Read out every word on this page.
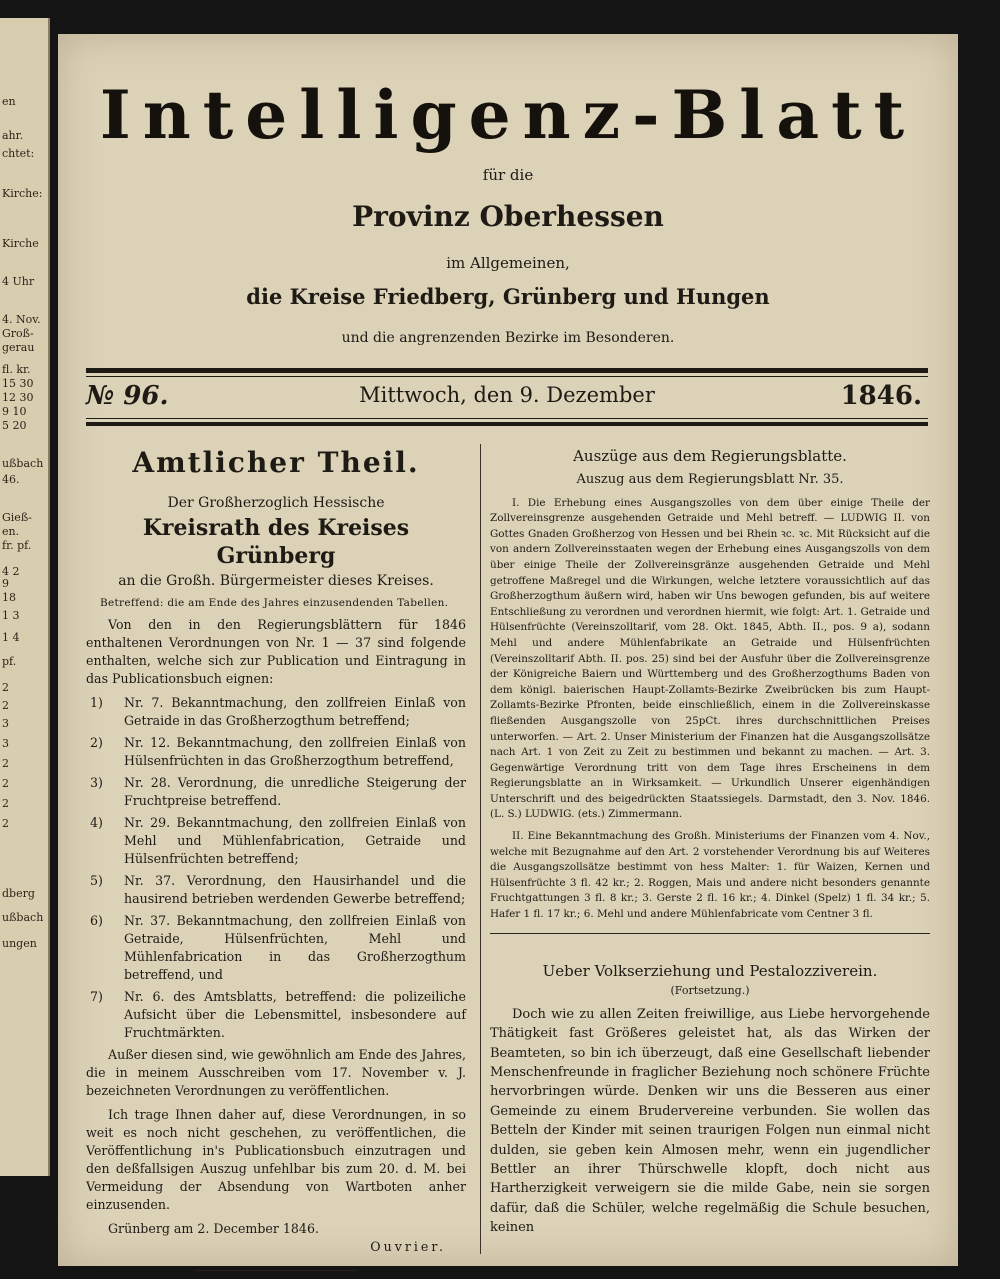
en
ahr.
chtet:
Kirche:
Kirche
4 Uhr
4. Nov.
Groß-
gerau
fl. kr.
15 30
12 30
9 10
5 20
ußbach
46.
Gieß-
en.
fr. pf.
4 2
9
18
1 3
1 4
pf.
2
2
3
3
2
2
2
2
dberg
ußbach
ungen
Intelligenz-Blatt
für die
Provinz Oberhessen
im Allgemeinen,
die Kreise Friedberg, Grünberg und Hungen
und die angrenzenden Bezirke im Besonderen.
№ 96.	Mittwoch, den 9. Dezember	1846.
Amtlicher Theil.
Der Großherzoglich Hessische
Kreisrath des Kreises Grünberg
an die Großh. Bürgermeister dieses Kreises.
Betreffend: die am Ende des Jahres einzusendenden Tabellen.

Von den in den Regierungsblättern für 1846 enthaltenen Verordnungen von Nr. 1 — 37 sind folgende enthalten, welche sich zur Publication und Eintragung in das Publicationsbuch eignen:

1) Nr. 7. Bekanntmachung, den zollfreien Einlaß von Getraide in das Großherzogthum betreffend;
2) Nr. 12. Bekanntmachung, den zollfreien Einlaß von Hülsenfrüchten in das Großherzogthum betreffend,
3) Nr. 28. Verordnung, die unredliche Steigerung der Fruchtpreise betreffend.
4) Nr. 29. Bekanntmachung, den zollfreien Einlaß von Mehl und Mühlenfabrication, Getraide und Hülsenfrüchten betreffend;
5) Nr. 37. Verordnung, den Hausirhandel und die hausirend betrieben werdenden Gewerbe betreffend;
6) Nr. 37. Bekanntmachung, den zollfreien Einlaß von Getraide, Hülsenfrüchten, Mehl und Mühlenfabrication in das Großherzogthum betreffend, und
7) Nr. 6. des Amtsblatts, betreffend: die polizeiliche Aufsicht über die Lebensmittel, insbesondere auf Fruchtmärkten.

Außer diesen sind, wie gewöhnlich am Ende des Jahres, die in meinem Ausschreiben vom 17. November v. J. bezeichneten Verordnungen zu veröffentlichen.

Ich trage Ihnen daher auf, diese Verordnungen, in so weit es noch nicht geschehen, zu veröffentlichen, die Veröffentlichung in's Publicationsbuch einzutragen und den deßfallsigen Auszug unfehlbar bis zum 20. d. M. bei Vermeidung der Absendung von Wartboten anher einzusenden.

Grünberg am 2. December 1846.
Ouvrier.
Auszüge aus dem Regierungsblatte.
Auszug aus dem Regierungsblatt Nr. 35.

I. Die Erhebung eines Ausgangszolles von dem über einige Theile der Zollvereinsgrenze ausgehenden Getraide und Mehl betreff. — LUDWIG II. von Gottes Gnaden Großherzog von Hessen und bei Rhein ꝛc. ꝛc. Mit Rücksicht auf die von andern Zollvereinsstaaten wegen der Erhebung eines Ausgangszolls von dem über einige Theile der Zollvereinsgränze ausgehenden Getraide und Mehl getroffene Maßregel und die Wirkungen, welche letztere voraussichtlich auf das Großherzogthum äußern wird, haben wir Uns bewogen gefunden, bis auf weitere Entschließung zu verordnen und verordnen hiermit, wie folgt: Art. 1. Getraide und Hülsenfrüchte (Vereinszolltarif, vom 28. Okt. 1845, Abth. II., pos. 9 a), sodann Mehl und andere Mühlenfabrikate an Getraide und Hülsenfrüchten (Vereinszolltarif Abth. II. pos. 25) sind bei der Ausfuhr über die Zollvereinsgrenze der Königreiche Baiern und Württemberg und des Großherzogthums Baden von dem königl. baierischen Haupt-Zollamts-Bezirke Zweibrücken bis zum Haupt-Zollamts-Bezirke Pfronten, beide einschließlich, einem in die Zollvereinskasse fließenden Ausgangszolle von 25pCt. ihres durchschnittlichen Preises unterworfen. — Art. 2. Unser Ministerium der Finanzen hat die Ausgangszollsätze nach Art. 1 von Zeit zu Zeit zu bestimmen und bekannt zu machen. — Art. 3. Gegenwärtige Verordnung tritt von dem Tage ihres Erscheinens in dem Regierungsblatte an in Wirksamkeit. — Urkundlich Unserer eigenhändigen Unterschrift und des beigedrückten Staatssiegels. Darmstadt, den 3. Nov. 1846. (L. S.) LUDWIG. (ets.) Zimmermann.

II. Eine Bekanntmachung des Großh. Ministeriums der Finanzen vom 4. Nov., welche mit Bezugnahme auf den Art. 2 vorstehender Verordnung bis auf Weiteres die Ausgangszollsätze bestimmt von hess Malter: 1. für Waizen, Kernen und Hülsenfrüchte 3 fl. 42 kr.; 2. Roggen, Mais und andere nicht besonders genannte Fruchtgattungen 3 fl. 8 kr.; 3. Gerste 2 fl. 16 kr.; 4. Dinkel (Spelz) 1 fl. 34 kr.; 5. Hafer 1 fl. 17 kr.; 6. Mehl und andere Mühlenfabricate vom Centner 3 fl.

Ueber Volkserziehung und Pestalozziverein.
(Fortsetzung.)

Doch wie zu allen Zeiten freiwillige, aus Liebe hervorgehende Thätigkeit fast Größeres geleistet hat, als das Wirken der Beamteten, so bin ich überzeugt, daß eine Gesellschaft liebender Menschenfreunde in fraglicher Beziehung noch schönere Früchte hervorbringen würde. Denken wir uns die Besseren aus einer Gemeinde zu einem Brudervereine verbunden. Sie wollen das Betteln der Kinder mit seinen traurigen Folgen nun einmal nicht dulden, sie geben kein Almosen mehr, wenn ein jugendlicher Bettler an ihrer Thürschwelle klopft, doch nicht aus Hartherzigkeit verweigern sie die milde Gabe, nein sie sorgen dafür, daß die Schüler, welche regelmäßig die Schule besuchen, keinen
